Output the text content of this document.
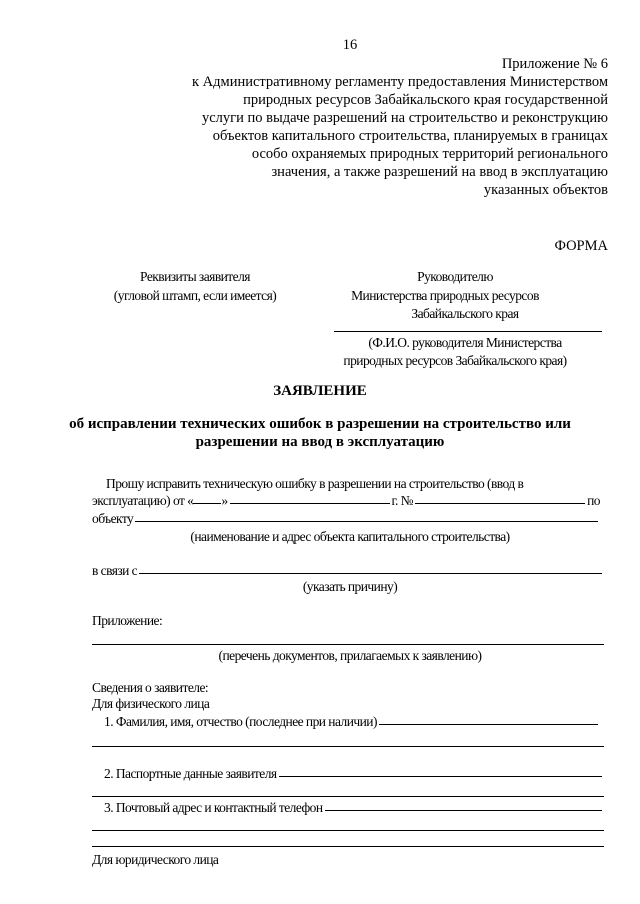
16
Приложение № 6
к Административному регламенту предоставления Министерством
природных ресурсов Забайкальского края государственной
услуги по выдаче разрешений на строительство и реконструкцию
объектов капитального строительства, планируемых в границах
особо охраняемых природных территорий регионального
значения, а также разрешений на ввод в эксплуатацию
указанных объектов
ФОРМА
Реквизиты заявителя
(угловой штамп, если имеется)
Руководителю
Министерства природных ресурсов
Забайкальского края
(Ф.И.О. руководителя Министерства
природных ресурсов Забайкальского края)
ЗАЯВЛЕНИЕ
об исправлении технических ошибок в разрешении на строительство или
разрешении на ввод в эксплуатацию
Прошу исправить техническую ошибку в разрешении на строительство (ввод в
эксплуатацию) от « »	г. №	по
объекту
(наименование и адрес объекта капитального строительства)
в связи с
(указать причину)
Приложение:
(перечень документов, прилагаемых к заявлению)
Сведения о заявителе:
Для физического лица
1. Фамилия, имя, отчество (последнее при наличии)
2. Паспортные данные заявителя
3. Почтовый адрес и контактный телефон
Для юридического лица
